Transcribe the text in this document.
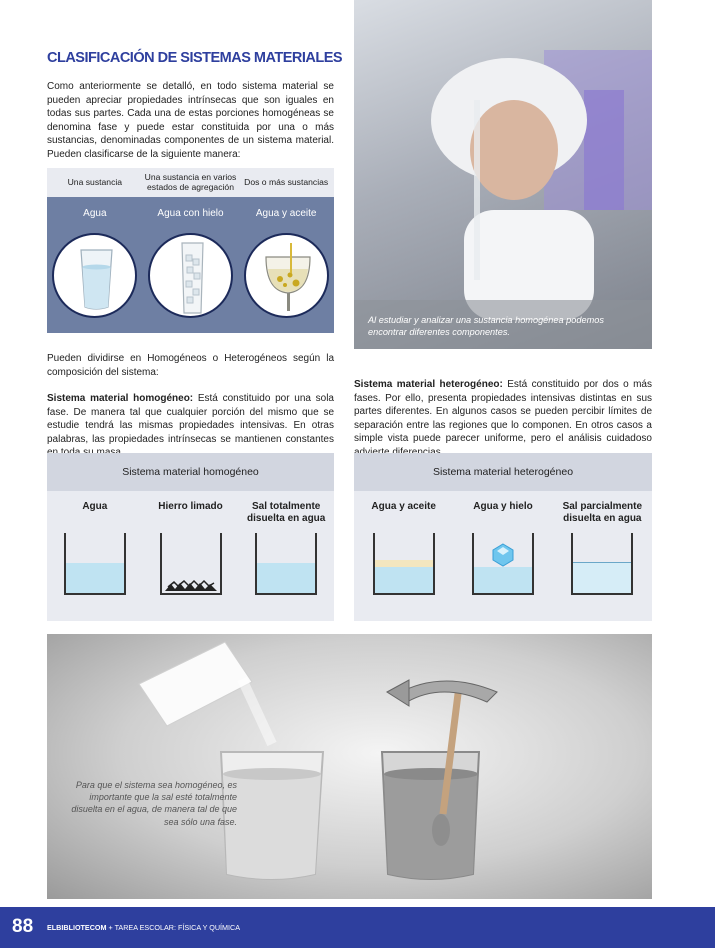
CLASIFICACIÓN DE SISTEMAS MATERIALES

Como anteriormente se detalló, en todo sistema material se pueden apreciar propiedades intrínsecas que son iguales en todas sus partes. Cada una de estas porciones homogéneas se denomina fase y puede estar constituida por una o más sustancias, denominadas componentes de un sistema material. Pueden clasificarse de la siguiente manera:

Una sustancia	Una sustancia en varios estados de agregación	Dos o más sustancias
Agua	Agua con hielo	Agua y aceite

Al estudiar y analizar una sustancia homogénea podemos encontrar diferentes componentes.

Pueden dividirse en Homogéneos o Heterogéneos según la composición del sistema:

Sistema material homogéneo: Está constituido por una sola fase. De manera tal que cualquier porción del mismo que se estudie tendrá las mismas propiedades intensivas. En otras palabras, las propiedades intrínsecas se mantienen constantes

Sistema material heterogéneo: Está constituido por dos o más fases. Por ello, presenta propiedades intensivas distintas en sus partes diferentes. En algunos casos se pueden percibir límites de separación entre las regiones que lo componen. En otros casos a simple vista puede parecer uniforme, pero el análisis cuidadoso

Sistema material homogéneo
Agua	Hierro limado	Sal totalmente disuelta en agua
Sistema material heterogéneo
Agua y aceite	Agua y hielo	Sal parcialmente disuelta en agua

Para que el sistema sea homogéneo, es importante que la sal esté totalmente disuelta en el agua, de manera tal de que sea sólo una fase.

88 ELBIBLIOTECOM + TAREA ESCOLAR: FÍSICA Y QUÍMICA
